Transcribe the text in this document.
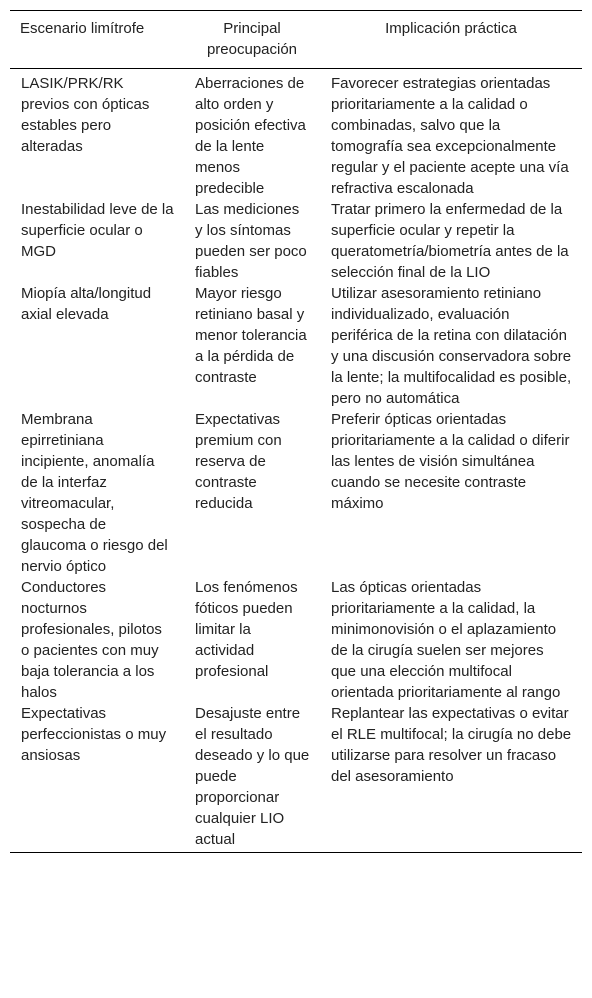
Escenario limítrofe	Principal preocupación	Implicación práctica
LASIK/PRK/RK previos con ópticas estables pero alteradas	Aberraciones de alto orden y posición efectiva de la lente menos predecible	Favorecer estrategias orientadas prioritariamente a la calidad o combinadas, salvo que la tomografía sea excepcionalmente regular y el paciente acepte una vía refractiva escalonada
Inestabilidad leve de la superficie ocular o MGD	Las mediciones y los síntomas pueden ser poco fiables	Tratar primero la enfermedad de la superficie ocular y repetir la queratometría/biometría antes de la selección final de la LIO
Miopía alta/longitud axial elevada	Mayor riesgo retiniano basal y menor tolerancia a la pérdida de contraste	Utilizar asesoramiento retiniano individualizado, evaluación periférica de la retina con dilatación y una discusión conservadora sobre la lente; la multifocalidad es posible, pero no automática
Membrana epirretiniana incipiente, anomalía de la interfaz vitreomacular, sospecha de glaucoma o riesgo del nervio óptico	Expectativas premium con reserva de contraste reducida	Preferir ópticas orientadas prioritariamente a la calidad o diferir las lentes de visión simultánea cuando se necesite contraste máximo
Conductores nocturnos profesionales, pilotos o pacientes con muy baja tolerancia a los halos	Los fenómenos fóticos pueden limitar la actividad profesional	Las ópticas orientadas prioritariamente a la calidad, la minimonovisión o el aplazamiento de la cirugía suelen ser mejores que una elección multifocal orientada prioritariamente al rango
Expectativas perfeccionistas o muy ansiosas	Desajuste entre el resultado deseado y lo que puede proporcionar cualquier LIO actual	Replantear las expectativas o evitar el RLE multifocal; la cirugía no debe utilizarse para resolver un fracaso del asesoramiento
